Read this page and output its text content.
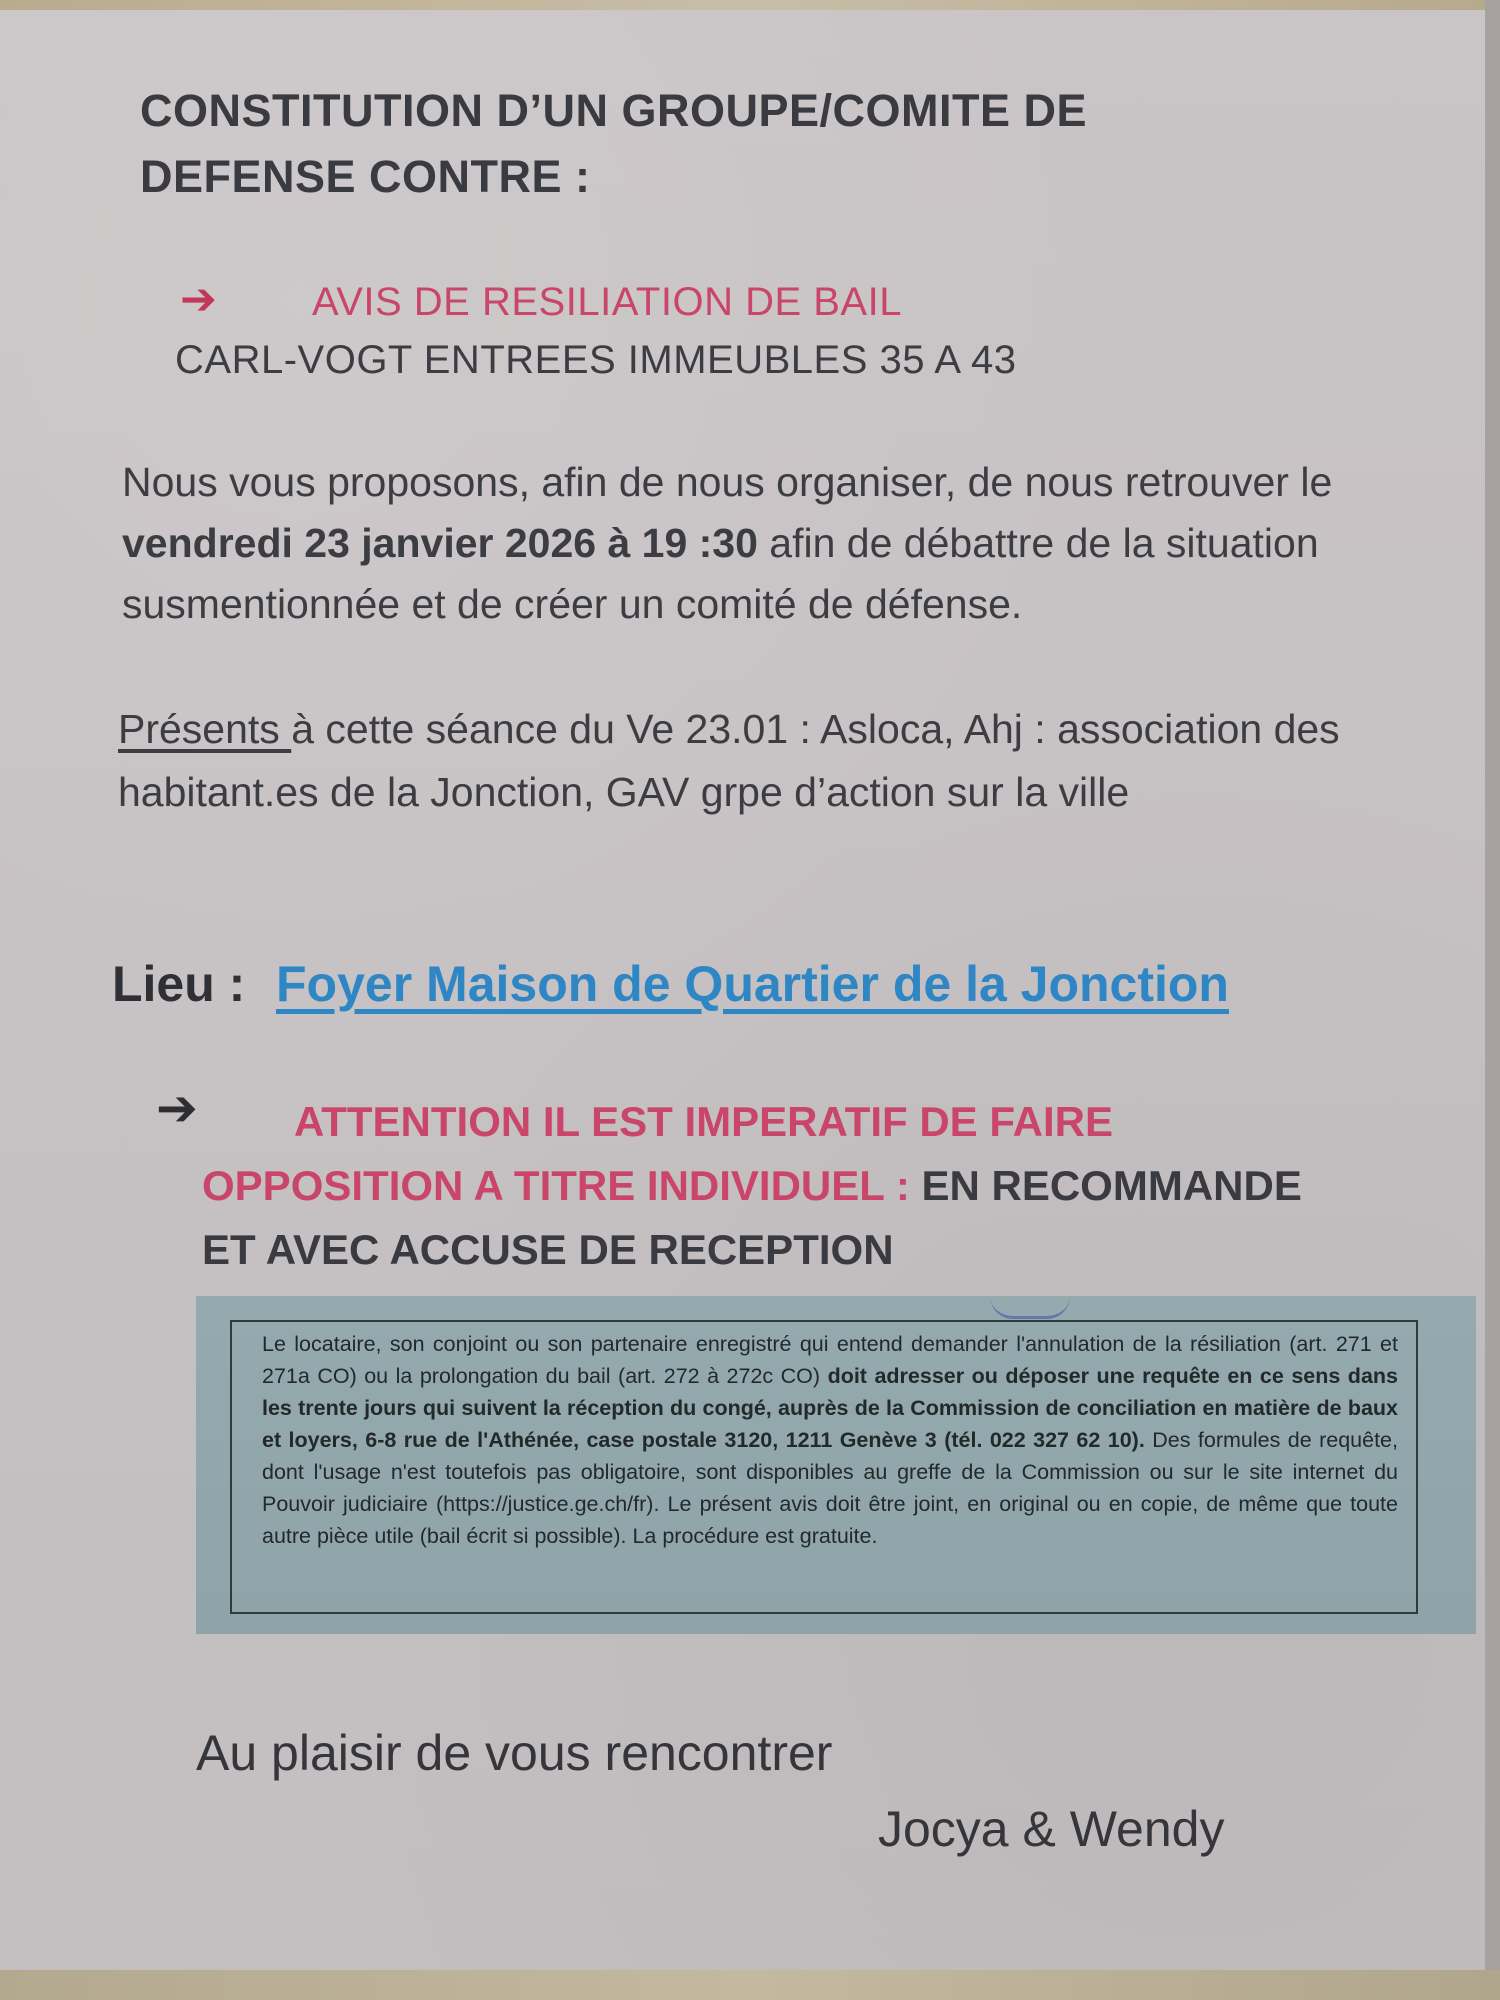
CONSTITUTION D’UN GROUPE/COMITE DE
DEFENSE CONTRE :
➔ AVIS DE RESILIATION DE BAIL
CARL-VOGT ENTREES IMMEUBLES 35 A 43
Nous vous proposons, afin de nous organiser, de nous retrouver le vendredi 23 janvier 2026 à 19 :30 afin de débattre de la situation susmentionnée et de créer un comité de défense.
Présents à cette séance du Ve 23.01 : Asloca, Ahj : association des habitant.es de la Jonction, GAV grpe d’action sur la ville
Lieu : Foyer Maison de Quartier de la Jonction
➔	ATTENTION IL EST IMPERATIF DE FAIRE
OPPOSITION A TITRE INDIVIDUEL : EN RECOMMANDE
ET AVEC ACCUSE DE RECEPTION
Le locataire, son conjoint ou son partenaire enregistré qui entend demander l'annulation de la résiliation (art. 271 et 271a CO) ou la prolongation du bail (art. 272 à 272c CO) doit adresser ou déposer une requête en ce sens dans les trente jours qui suivent la réception du congé, auprès de la Commission de conciliation en matière de baux et loyers, 6-8 rue de l'Athénée, case postale 3120, 1211 Genève 3 (tél. 022 327 62 10). Des formules de requête, dont l'usage n'est toutefois pas obligatoire, sont disponibles au greffe de la Commission ou sur le site internet du Pouvoir judiciaire (https://justice.ge.ch/fr). Le présent avis doit être joint, en original ou en copie, de même que toute autre pièce utile (bail écrit si possible). La procédure est gratuite.
Au plaisir de vous rencontrer
Jocya & Wendy
